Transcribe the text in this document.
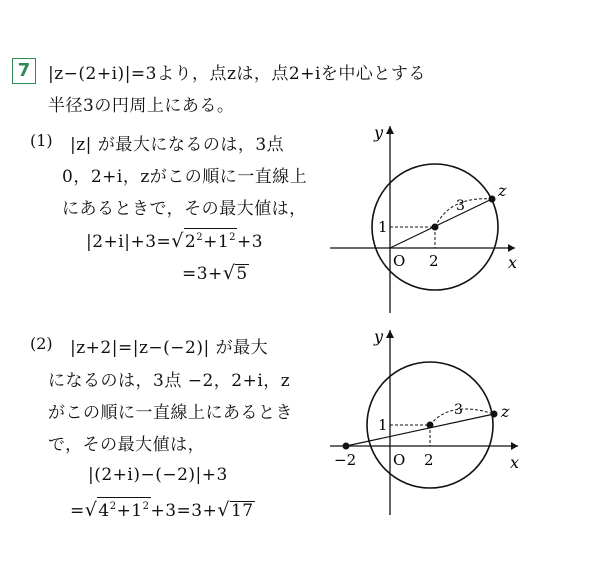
7	|z−(2+i)|=3より，点zは，点2+iを中心とする
半径3の円周上にある。
(1) |z| が最大になるのは，3点
0，2+i，zがこの順に一直線上
にあるときで，その最大値は，
$|2+i|+3=√2^2+1^2+3$
=3+√5
(2) |z+2|=|z−(−2)| が最大
になるのは，3点 −2，2+i，z
がこの順に一直線上にあるとき
で，その最大値は，
|(2+i)−(−2)|+3
$=√4^2+1^2+3=3+√17$
x
y
O 2
1
3
z
x
y
O 2
−2
1
3 z
